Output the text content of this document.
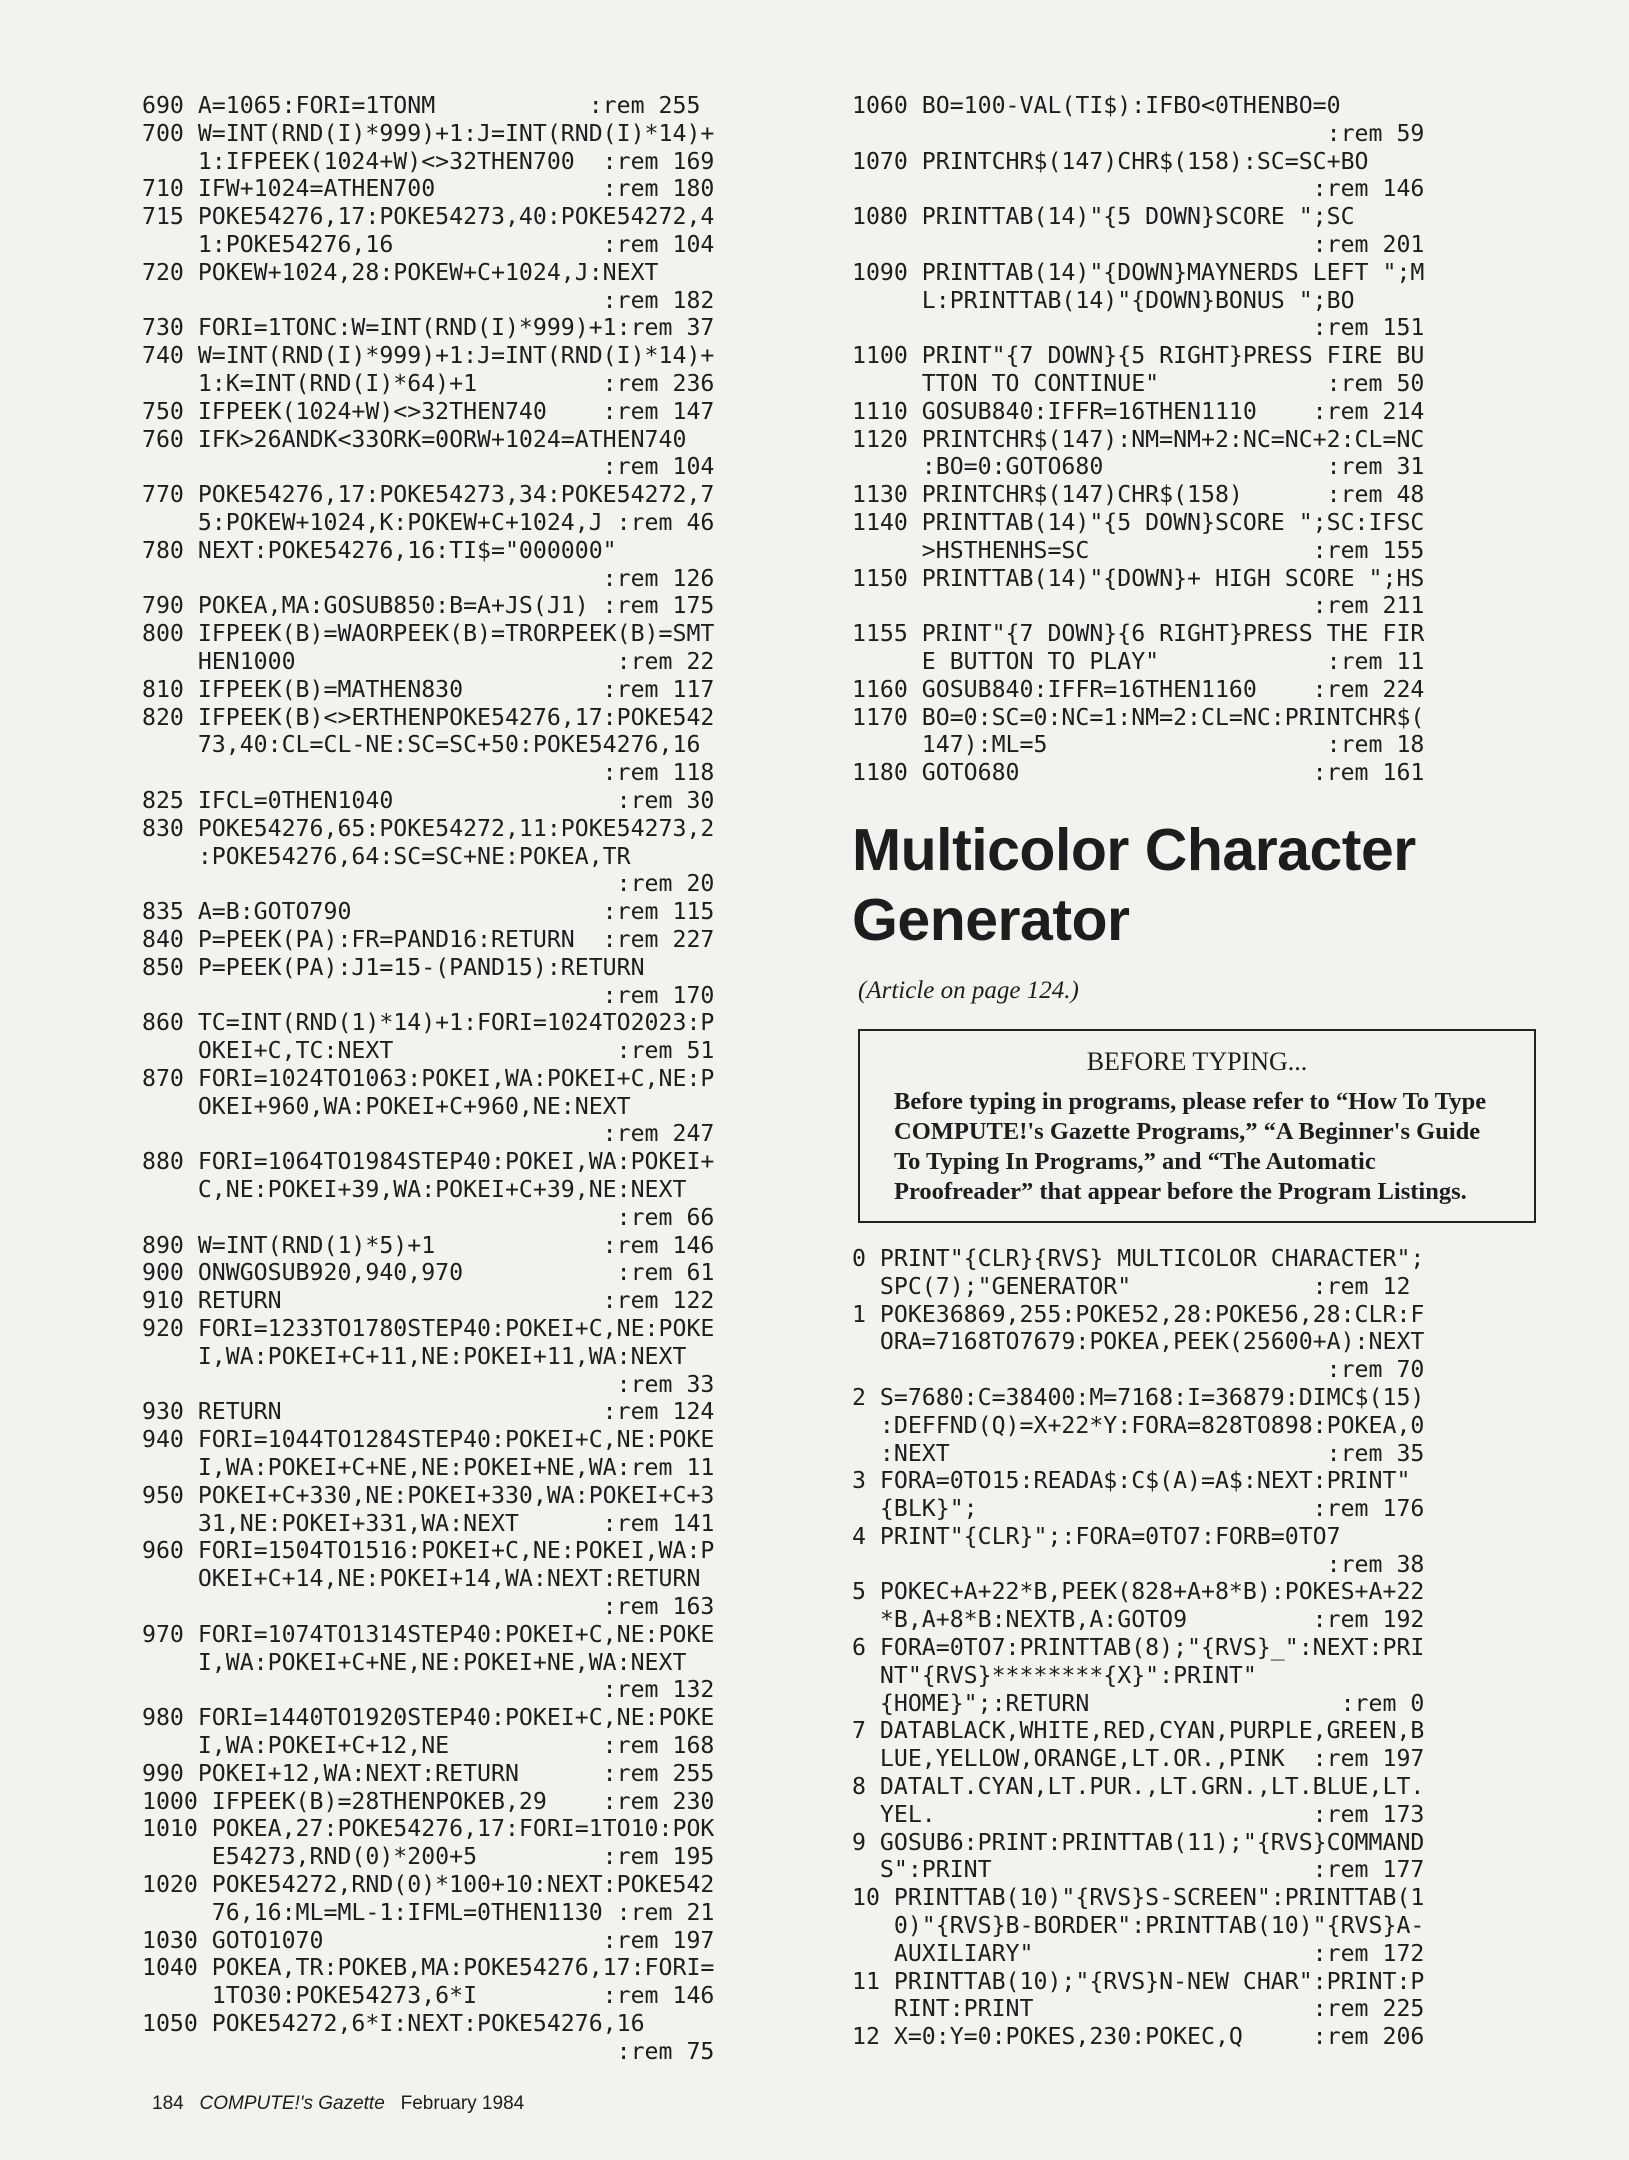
690 A=1065:FORI=1TONM           :rem 255
700 W=INT(RND(I)*999)+1:J=INT(RND(I)*14)+
1:IFPEEK(1024+W)<>32THEN700  :rem 169
710 IFW+1024=ATHEN700            :rem 180
715 POKE54276,17:POKE54273,40:POKE54272,4
1:POKE54276,16               :rem 104
720 POKEW+1024,28:POKEW+C+1024,J:NEXT
:rem 182
730 FORI=1TONC:W=INT(RND(I)*999)+1:rem 37
740 W=INT(RND(I)*999)+1:J=INT(RND(I)*14)+
1:K=INT(RND(I)*64)+1         :rem 236
750 IFPEEK(1024+W)<>32THEN740    :rem 147
760 IFK>26ANDK<33ORK=0ORW+1024=ATHEN740
:rem 104
770 POKE54276,17:POKE54273,34:POKE54272,7
5:POKEW+1024,K:POKEW+C+1024,J :rem 46
780 NEXT:POKE54276,16:TI$="000000"
:rem 126
790 POKEA,MA:GOSUB850:B=A+JS(J1) :rem 175
800 IFPEEK(B)=WAORPEEK(B)=TRORPEEK(B)=SMT
HEN1000                       :rem 22
810 IFPEEK(B)=MATHEN830          :rem 117
820 IFPEEK(B)<>ERTHENPOKE54276,17:POKE542
73,40:CL=CL-NE:SC=SC+50:POKE54276,16
:rem 118
825 IFCL=0THEN1040                :rem 30
830 POKE54276,65:POKE54272,11:POKE54273,2
:POKE54276,64:SC=SC+NE:POKEA,TR
:rem 20
835 A=B:GOTO790                  :rem 115
840 P=PEEK(PA):FR=PAND16:RETURN  :rem 227
850 P=PEEK(PA):J1=15-(PAND15):RETURN
:rem 170
860 TC=INT(RND(1)*14)+1:FORI=1024TO2023:P
OKEI+C,TC:NEXT                :rem 51
870 FORI=1024TO1063:POKEI,WA:POKEI+C,NE:P
OKEI+960,WA:POKEI+C+960,NE:NEXT
:rem 247
880 FORI=1064TO1984STEP40:POKEI,WA:POKEI+
C,NE:POKEI+39,WA:POKEI+C+39,NE:NEXT
:rem 66
890 W=INT(RND(1)*5)+1            :rem 146
900 ONWGOSUB920,940,970           :rem 61
910 RETURN                       :rem 122
920 FORI=1233TO1780STEP40:POKEI+C,NE:POKE
I,WA:POKEI+C+11,NE:POKEI+11,WA:NEXT
:rem 33
930 RETURN                       :rem 124
940 FORI=1044TO1284STEP40:POKEI+C,NE:POKE
I,WA:POKEI+C+NE,NE:POKEI+NE,WA:rem 11
950 POKEI+C+330,NE:POKEI+330,WA:POKEI+C+3
31,NE:POKEI+331,WA:NEXT      :rem 141
960 FORI=1504TO1516:POKEI+C,NE:POKEI,WA:P
OKEI+C+14,NE:POKEI+14,WA:NEXT:RETURN
:rem 163
970 FORI=1074TO1314STEP40:POKEI+C,NE:POKE
I,WA:POKEI+C+NE,NE:POKEI+NE,WA:NEXT
:rem 132
980 FORI=1440TO1920STEP40:POKEI+C,NE:POKE
I,WA:POKEI+C+12,NE           :rem 168
990 POKEI+12,WA:NEXT:RETURN      :rem 255
1000 IFPEEK(B)=28THENPOKEB,29    :rem 230
1010 POKEA,27:POKE54276,17:FORI=1TO10:POK
E54273,RND(0)*200+5         :rem 195
1020 POKE54272,RND(0)*100+10:NEXT:POKE542
76,16:ML=ML-1:IFML=0THEN1130 :rem 21
1030 GOTO1070                    :rem 197
1040 POKEA,TR:POKEB,MA:POKE54276,17:FORI=
1TO30:POKE54273,6*I         :rem 146
1050 POKE54272,6*I:NEXT:POKE54276,16
:rem 75
1060 BO=100-VAL(TI$):IFBO<0THENBO=0
:rem 59
1070 PRINTCHR$(147)CHR$(158):SC=SC+BO
:rem 146
1080 PRINTTAB(14)"{5 DOWN}SCORE ";SC
:rem 201
1090 PRINTTAB(14)"{DOWN}MAYNERDS LEFT ";M
L:PRINTTAB(14)"{DOWN}BONUS ";BO
:rem 151
1100 PRINT"{7 DOWN}{5 RIGHT}PRESS FIRE BU
TTON TO CONTINUE"            :rem 50
1110 GOSUB840:IFFR=16THEN1110    :rem 214
1120 PRINTCHR$(147):NM=NM+2:NC=NC+2:CL=NC
:BO=0:GOTO680                :rem 31
1130 PRINTCHR$(147)CHR$(158)      :rem 48
1140 PRINTTAB(14)"{5 DOWN}SCORE ";SC:IFSC
>HSTHENHS=SC                :rem 155
1150 PRINTTAB(14)"{DOWN}+ HIGH SCORE ";HS
:rem 211
1155 PRINT"{7 DOWN}{6 RIGHT}PRESS THE FIR
E BUTTON TO PLAY"            :rem 11
1160 GOSUB840:IFFR=16THEN1160    :rem 224
1170 BO=0:SC=0:NC=1:NM=2:CL=NC:PRINTCHR$(
147):ML=5                    :rem 18
1180 GOTO680                     :rem 161
Multicolor Character Generator
(Article on page 124.)
BEFORE TYPING...
Before typing in programs, please refer to “How To Type COMPUTE!'s Gazette Programs,” “A Beginner's Guide To Typing In Programs,” and “The Automatic Proofreader” that appear before the Program Listings.
0 PRINT"{CLR}{RVS} MULTICOLOR CHARACTER";
SPC(7);"GENERATOR"             :rem 12
1 POKE36869,255:POKE52,28:POKE56,28:CLR:F
ORA=7168TO7679:POKEA,PEEK(25600+A):NEXT
:rem 70
2 S=7680:C=38400:M=7168:I=36879:DIMC$(15)
:DEFFND(Q)=X+22*Y:FORA=828TO898:POKEA,0
:NEXT                           :rem 35
3 FORA=0TO15:READA$:C$(A)=A$:NEXT:PRINT"
{BLK}";                        :rem 176
4 PRINT"{CLR}";:FORA=0TO7:FORB=0TO7
:rem 38
5 POKEC+A+22*B,PEEK(828+A+8*B):POKES+A+22
*B,A+8*B:NEXTB,A:GOTO9         :rem 192
6 FORA=0TO7:PRINTTAB(8);"{RVS}_":NEXT:PRI
NT"{RVS}********{X}":PRINT"
{HOME}";:RETURN                  :rem 0
7 DATABLACK,WHITE,RED,CYAN,PURPLE,GREEN,B
LUE,YELLOW,ORANGE,LT.OR.,PINK  :rem 197
8 DATALT.CYAN,LT.PUR.,LT.GRN.,LT.BLUE,LT.
YEL.                           :rem 173
9 GOSUB6:PRINT:PRINTTAB(11);"{RVS}COMMAND
S":PRINT                       :rem 177
10 PRINTTAB(10)"{RVS}S-SCREEN":PRINTTAB(1
0)"{RVS}B-BORDER":PRINTTAB(10)"{RVS}A-
AUXILIARY"                    :rem 172
11 PRINTTAB(10);"{RVS}N-NEW CHAR":PRINT:P
RINT:PRINT                    :rem 225
12 X=0:Y=0:POKES,230:POKEC,Q     :rem 206
184 COMPUTE!'s Gazette February 1984
